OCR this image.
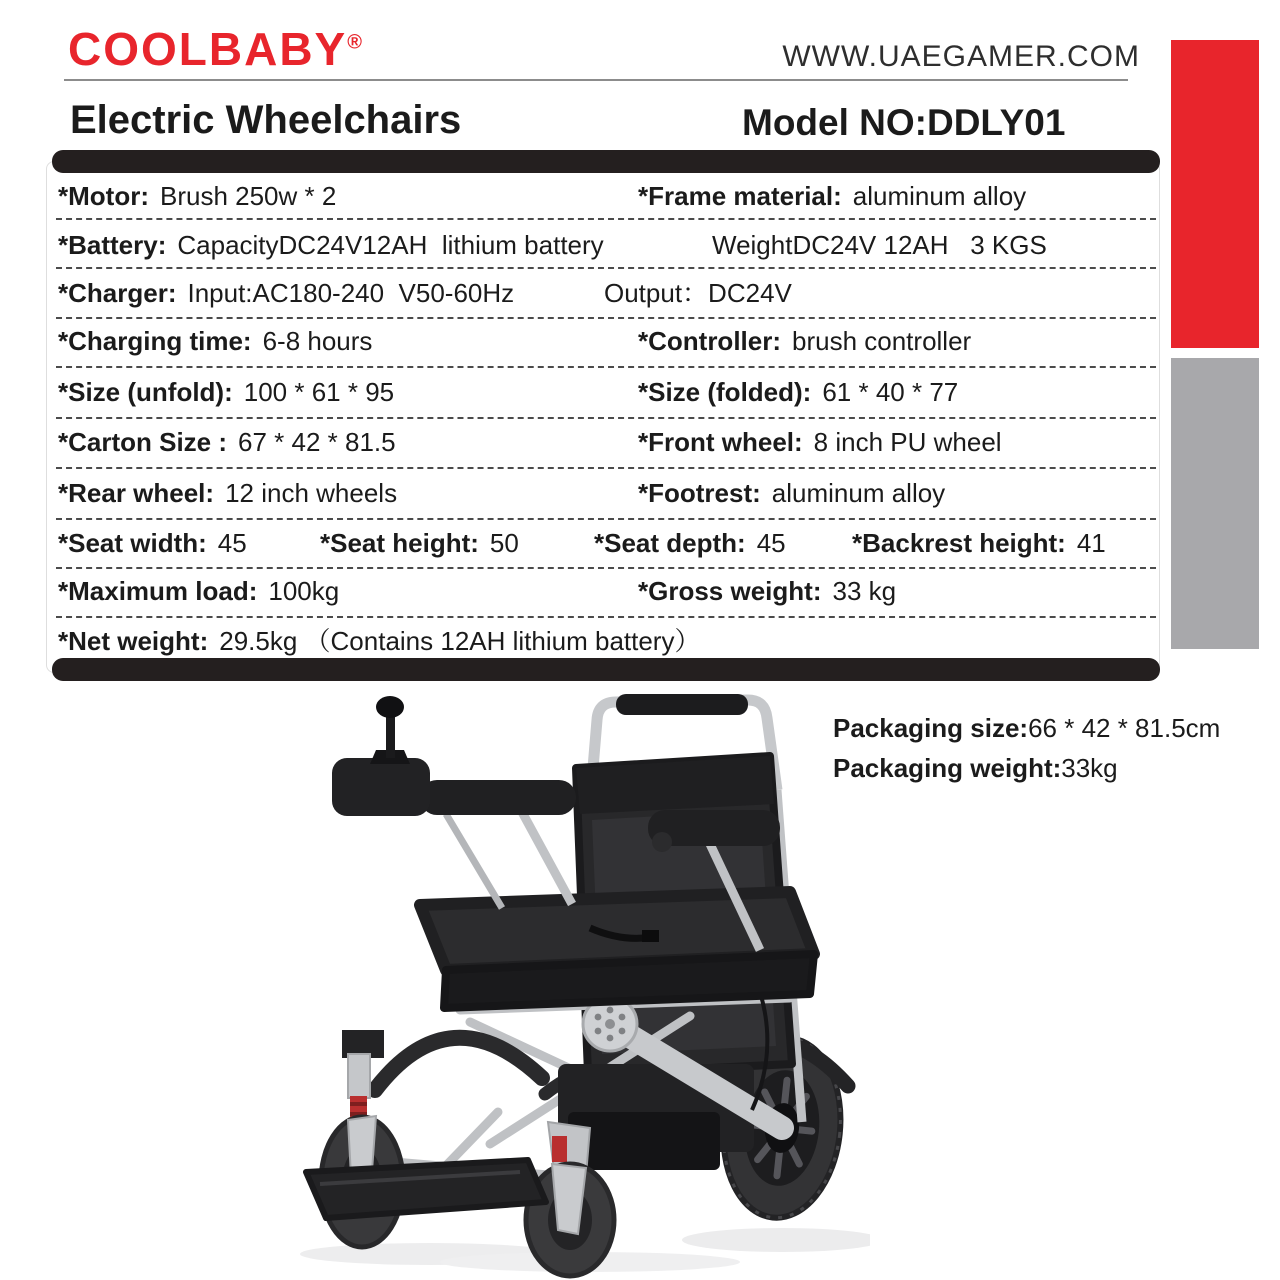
COOLBABY®	WWW.UAEGAMER.COM
Electric Wheelchairs	Model NO:DDLY01
*Motor: Brush 250w * 2	*Frame material: aluminum alloy
*Battery: CapacityDC24V12AH  lithium battery	WeightDC24V 12AH   3 KGS
*Charger: Input:AC180-240  V50-60Hz	Output：DC24V
*Charging time: 6-8 hours	*Controller: brush controller
*Size (unfold): 100 * 61 * 95	*Size (folded): 61 * 40 * 77
*Carton Size : 67 * 42 * 81.5	*Front wheel: 8 inch PU wheel
*Rear wheel: 12 inch wheels	*Footrest: aluminum alloy
*Seat width: 45	*Seat height: 50	*Seat depth: 45	*Backrest height: 41
*Maximum load: 100kg	*Gross weight: 33 kg
*Net weight: 29.5kg （Contains 12AH lithium battery）
Packaging size:66 * 42 * 81.5cm
Packaging weight:33kg
